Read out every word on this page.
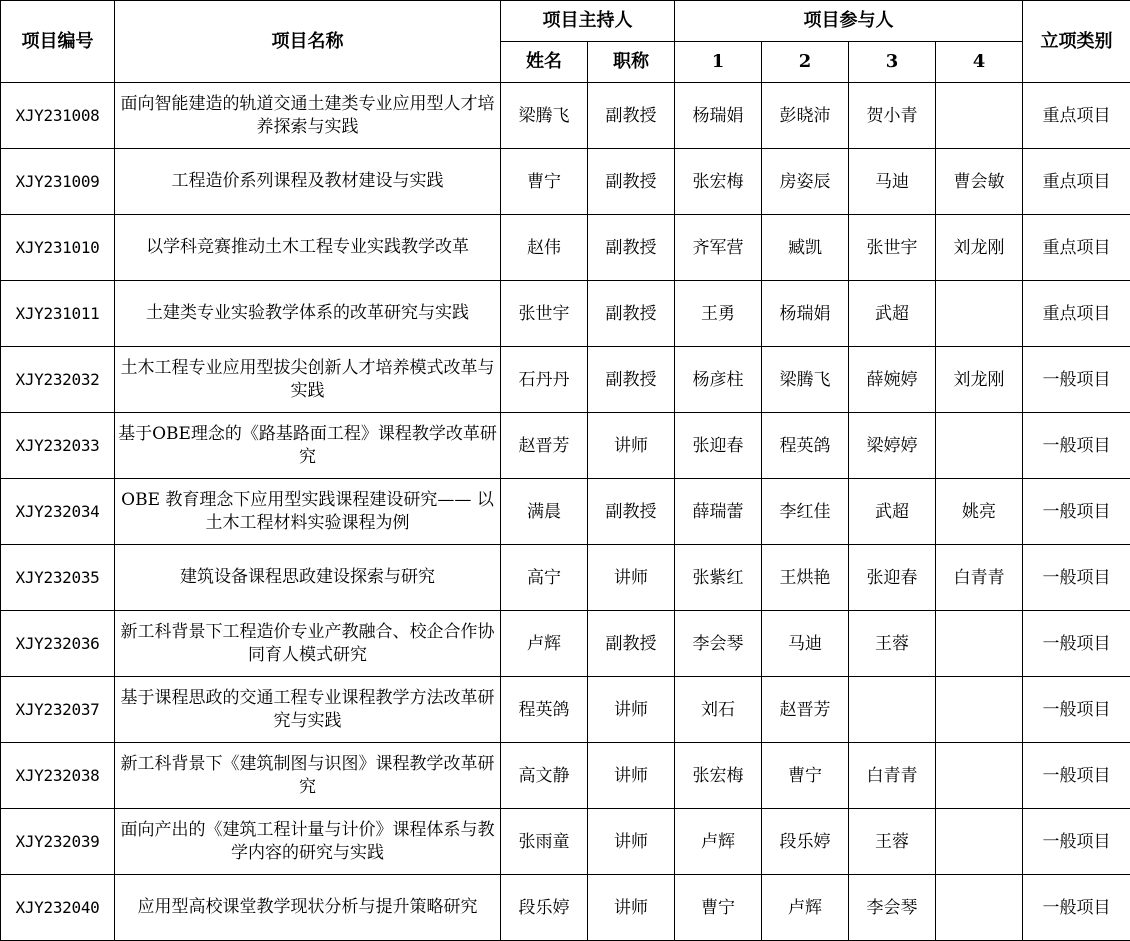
项目编号	项目名称	项目主持人		项目参与人				立项类别
		姓名	职称	1	2	3	4	
XJY231008	面向智能建造的轨道交通土建类专业应用型人才培养探索与实践	梁腾飞	副教授	杨瑞娟	彭晓沛	贺小青		重点项目
XJY231009	工程造价系列课程及教材建设与实践	曹宁	副教授	张宏梅	房姿辰	马迪	曹会敏	重点项目
XJY231010	以学科竞赛推动土木工程专业实践教学改革	赵伟	副教授	齐军营	臧凯	张世宇	刘龙刚	重点项目
XJY231011	土建类专业实验教学体系的改革研究与实践	张世宇	副教授	王勇	杨瑞娟	武超		重点项目
XJY232032	土木工程专业应用型拔尖创新人才培养模式改革与实践	石丹丹	副教授	杨彦柱	梁腾飞	薛婉婷	刘龙刚	一般项目
XJY232033	基于OBE理念的《路基路面工程》课程教学改革研究	赵晋芳	讲师	张迎春	程英鸽	梁婷婷		一般项目
XJY232034	OBE 教育理念下应用型实践课程建设研究—— 以土木工程材料实验课程为例	满晨	副教授	薛瑞蕾	李红佳	武超	姚亮	一般项目
XJY232035	建筑设备课程思政建设探索与研究	高宁	讲师	张紫红	王烘艳	张迎春	白青青	一般项目
XJY232036	新工科背景下工程造价专业产教融合、校企合作协同育人模式研究	卢辉	副教授	李会琴	马迪	王蓉		一般项目
XJY232037	基于课程思政的交通工程专业课程教学方法改革研究与实践	程英鸽	讲师	刘石	赵晋芳			一般项目
XJY232038	新工科背景下《建筑制图与识图》课程教学改革研究	高文静	讲师	张宏梅	曹宁	白青青		一般项目
XJY232039	面向产出的《建筑工程计量与计价》课程体系与教学内容的研究与实践	张雨童	讲师	卢辉	段乐婷	王蓉		一般项目
XJY232040	应用型高校课堂教学现状分析与提升策略研究	段乐婷	讲师	曹宁	卢辉	李会琴		一般项目
